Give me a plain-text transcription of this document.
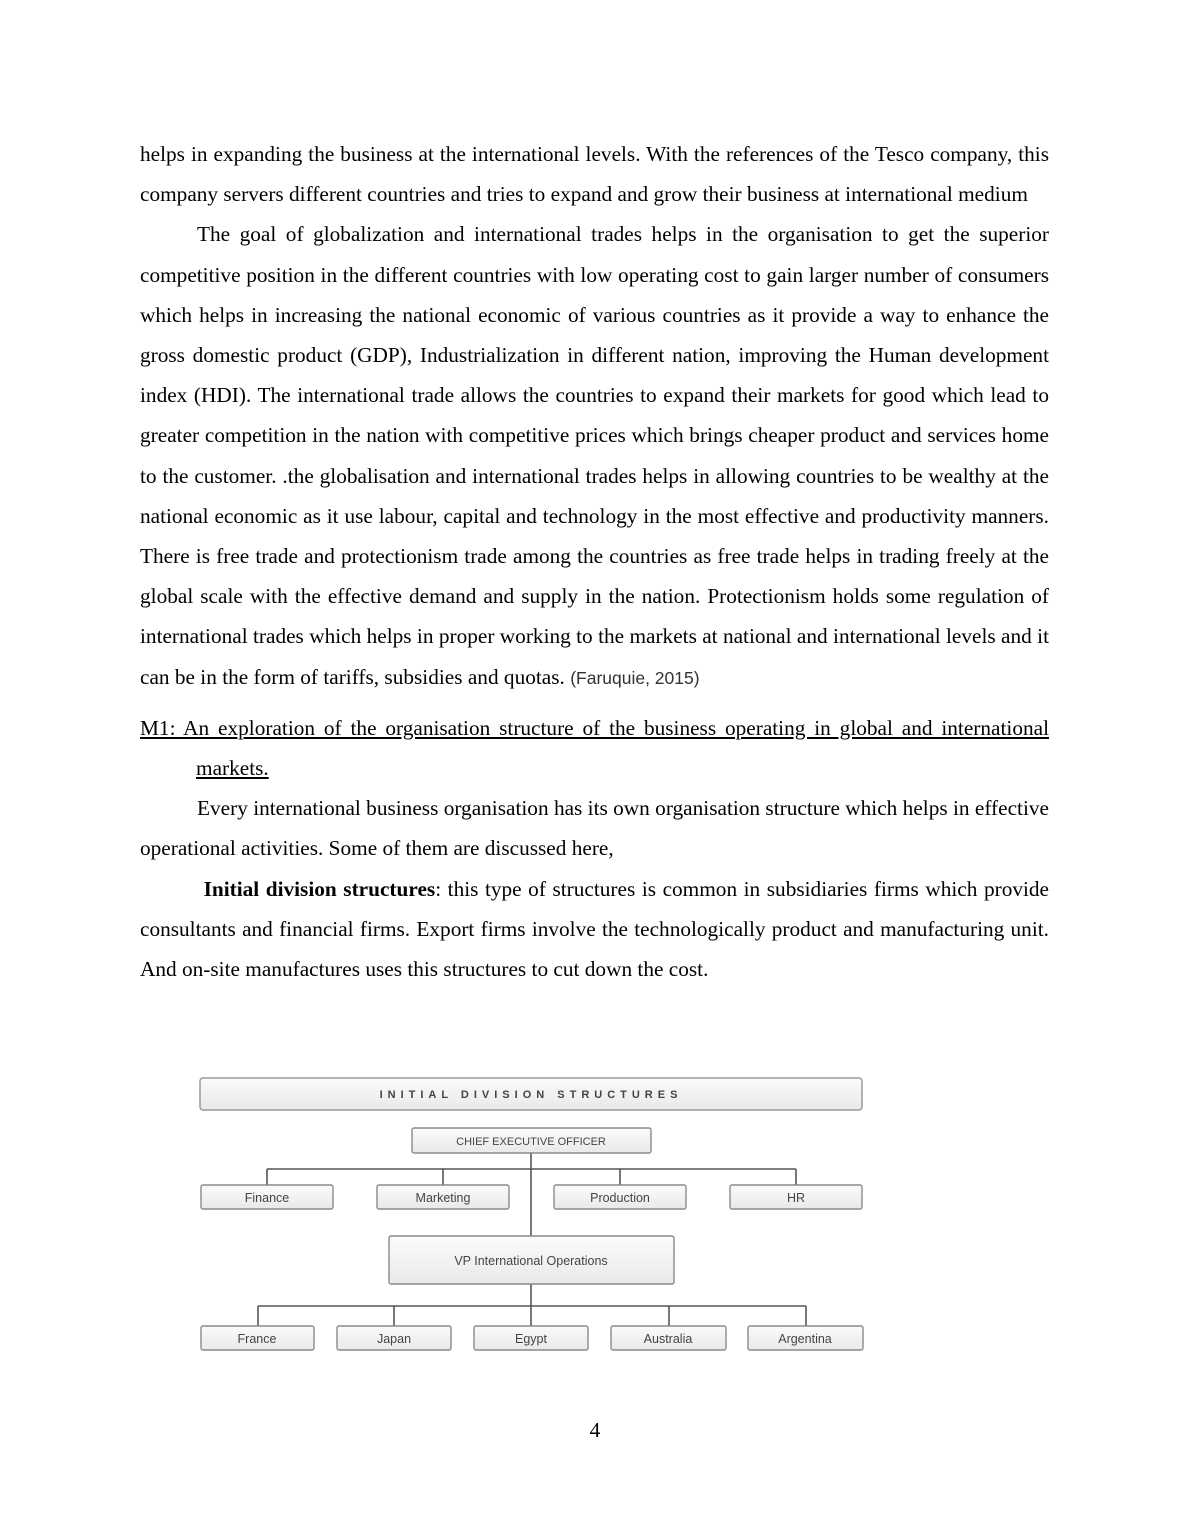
helps in expanding the business at the international levels. With the references of the Tesco company, this company servers different countries and tries to expand and grow their business at international medium

The goal of globalization and international trades helps in the organisation to get the superior competitive position in the different countries with low operating cost to gain larger number of consumers which helps in increasing the national economic of various countries as it provide a way to enhance the gross domestic product (GDP), Industrialization in different nation, improving the Human development index (HDI). The international trade allows the countries to expand their markets for good which lead to greater competition in the nation with competitive prices which brings cheaper product and services home to the customer. .the globalisation and international trades helps in allowing countries to be wealthy at the national economic as it use labour, capital and technology in the most effective and productivity manners. There is free trade and protectionism trade among the countries as free trade helps in trading freely at the global scale with the effective demand and supply in the nation. Protectionism holds some regulation of international trades which helps in proper working to the markets at national and international levels and it can be in the form of tariffs, subsidies and quotas. (Faruquie, 2015)

M1: An exploration of the organisation structure of the business operating in global and international markets.

Every international business organisation has its own organisation structure which helps in effective operational activities. Some of them are discussed here,

Initial division structures: this type of structures is common in subsidiaries firms which provide consultants and financial firms. Export firms involve the technologically product and manufacturing unit. And on-site manufactures uses this structures to cut down the cost.

INITIAL DIVISION STRUCTURES
CHIEF EXECUTIVE OFFICER
Finance	Marketing	Production	HR
VP International Operations
France	Japan	Egypt	Australia	Argentina
4
